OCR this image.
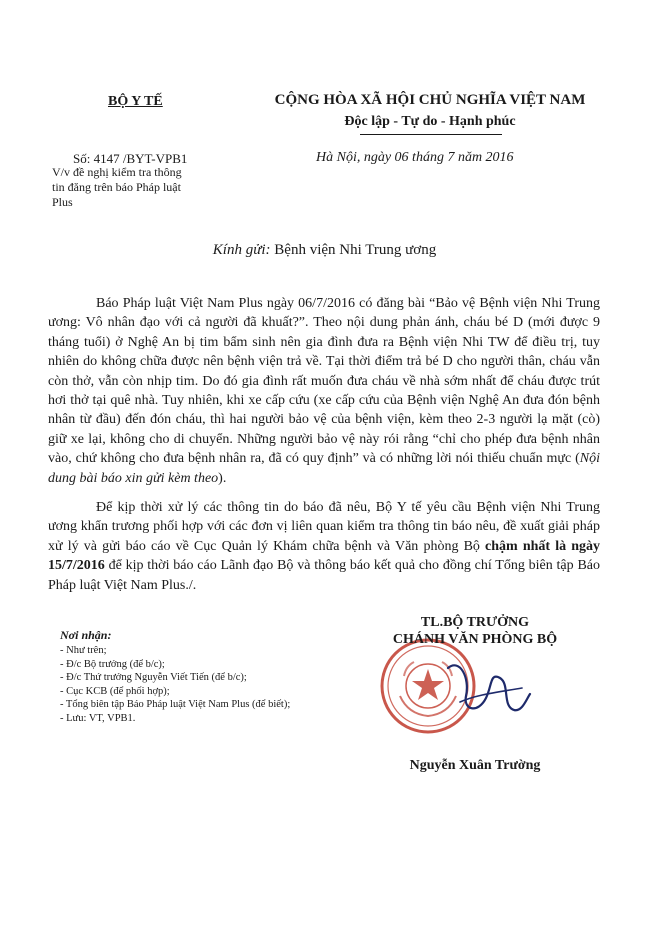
BỘ Y TẾ	CỘNG HÒA XÃ HỘI CHỦ NGHĨA VIỆT NAM
Độc lập - Tự do - Hạnh phúc
Số: 4147 /BYT-VPB1	Hà Nội, ngày 06 tháng 7 năm 2016
V/v đề nghị kiểm tra thông
tin đăng trên báo Pháp luật
Plus
Kính gửi: Bệnh viện Nhi Trung ương

Báo Pháp luật Việt Nam Plus ngày 06/7/2016 có đăng bài “Bảo vệ Bệnh viện Nhi Trung ương: Vô nhân đạo với cả người đã khuất?”. Theo nội dung phản ánh, cháu bé D (mới được 9 tháng tuổi) ở Nghệ An bị tim bẩm sinh nên gia đình đưa ra Bệnh viện Nhi TW để điều trị, tuy nhiên do không chữa được nên bệnh viện trả về. Tại thời điểm trả bé D cho người thân, cháu vẫn còn thở, vẫn còn nhịp tim. Do đó gia đình rất muốn đưa cháu về nhà sớm nhất để cháu được trút hơi thở tại quê nhà. Tuy nhiên, khi xe cấp cứu (xe cấp cứu của Bệnh viện Nghệ An đưa đón bệnh nhân từ đầu) đến đón cháu, thì hai người bảo vệ của bệnh viện, kèm theo 2-3 người lạ mặt (cò) giữ xe lại, không cho di chuyển. Những người bảo vệ này rói rằng “chỉ cho phép đưa bệnh nhân vào, chứ không cho đưa bệnh nhân ra, đã có quy định” và có những lời nói thiếu chuẩn mực (Nội dung bài báo xin gửi kèm theo).

Để kịp thời xử lý các thông tin do báo đã nêu, Bộ Y tế yêu cầu Bệnh viện Nhi Trung ương khẩn trương phối hợp với các đơn vị liên quan kiểm tra thông tin báo nêu, đề xuất giải pháp xử lý và gửi báo cáo về Cục Quản lý Khám chữa bệnh và Văn phòng Bộ chậm nhất là ngày 15/7/2016 để kịp thời báo cáo Lãnh đạo Bộ và thông báo kết quả cho đồng chí Tổng biên tập Báo Pháp luật Việt Nam Plus./.

Nơi nhận:
- Như trên;
- Đ/c Bộ trưởng (để b/c);
- Đ/c Thứ trưởng Nguyễn Viết Tiến (để b/c);
- Cục KCB (để phối hợp);
- Tổng biên tập Báo Pháp luật Việt Nam Plus (để biết);
- Lưu: VT, VPB1.
TL.BỘ TRƯỞNG
CHÁNH VĂN PHÒNG BỘ
Nguyễn Xuân Trường
